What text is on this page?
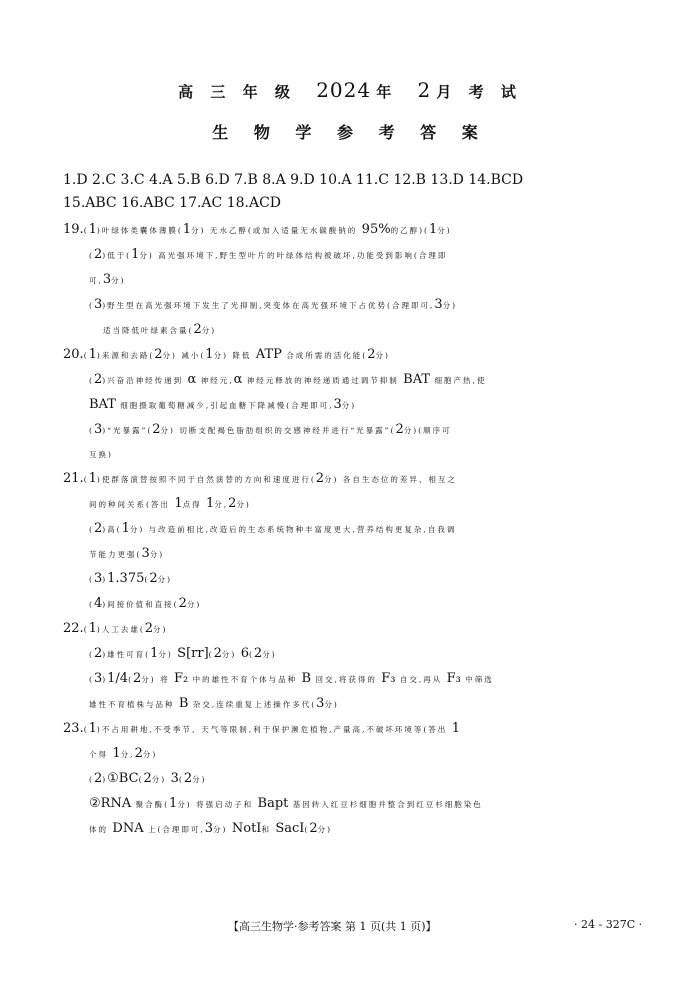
高 三 年 级 2024 年 2 月 考 试
生 物 学 参 考 答 案
1.D 2.C 3.C 4.A 5.B 6.D 7.B 8.A 9.D 10.A 11.C 12.B 13.D 14.BCD
15.ABC 16.ABC 17.AC 18.ACD
19.(1)叶绿体类囊体薄膜(1分) 无水乙醇(或加入适量无水碳酸钠的 95%的乙醇)(1分)
(2)低于(1分) 高光强环境下,野生型叶片的叶绿体结构被破坏,功能受到影响(合理即
可,3分)
(3)野生型在高光强环境下发生了光抑制,突变体在高光强环境下占优势(合理即可,3分)
适当降低叶绿素含量(2分)
20.(1)来源和去路(2分) 减小(1分) 降低 ATP 合成所需的活化能(2分)
(2)兴奋沿神经传递到 α 神经元,α 神经元释放的神经递质通过调节抑制 BAT 细胞产热,使
BAT 细胞摄取葡萄糖减少,引起血糖下降减慢(合理即可,3分)
(3)“光暴露”(2分) 切断支配褐色脂肪组织的交感神经并进行“光暴露”(2分)(顺序可
互换)
21.(1)使群落演替按照不同于自然演替的方向和速度进行(2分) 各自生态位的差异、相互之
间的种间关系(答出 1点得 1分,2分)
(2)高(1分) 与改造前相比,改造后的生态系统物种丰富度更大,营养结构更复杂,自我调
节能力更强(3分)
(3)1.375(2分)
(4)间接价值和直接(2分)
22.(1)人工去雄(2分)
(2)雄性可育(1分) S[rr](2分) 6(2分)
(3)1/4(2分) 将 F₂ 中的雄性不育个体与品种 B 回交,将获得的 F₃ 自交,再从 F₃ 中筛选
雄性不育植株与品种 B 杂交,连续重复上述操作多代(3分)
23.(1)不占用耕地,不受季节、天气等限制,利于保护濒危植物,产量高,不破坏环境等(答出 1
个得 1分,2分)
(2)①BC(2分) 3(2分)
②RNA 聚合酶(1分) 将强启动子和 Bapt 基因转入红豆杉细胞并整合到红豆杉细胞染色
体的 DNA 上(合理即可,3分) NotⅠ和 SacⅠ(2分)
【高三生物学·参考答案 第 1 页(共 1 页)】	· 24 - 327C ·
